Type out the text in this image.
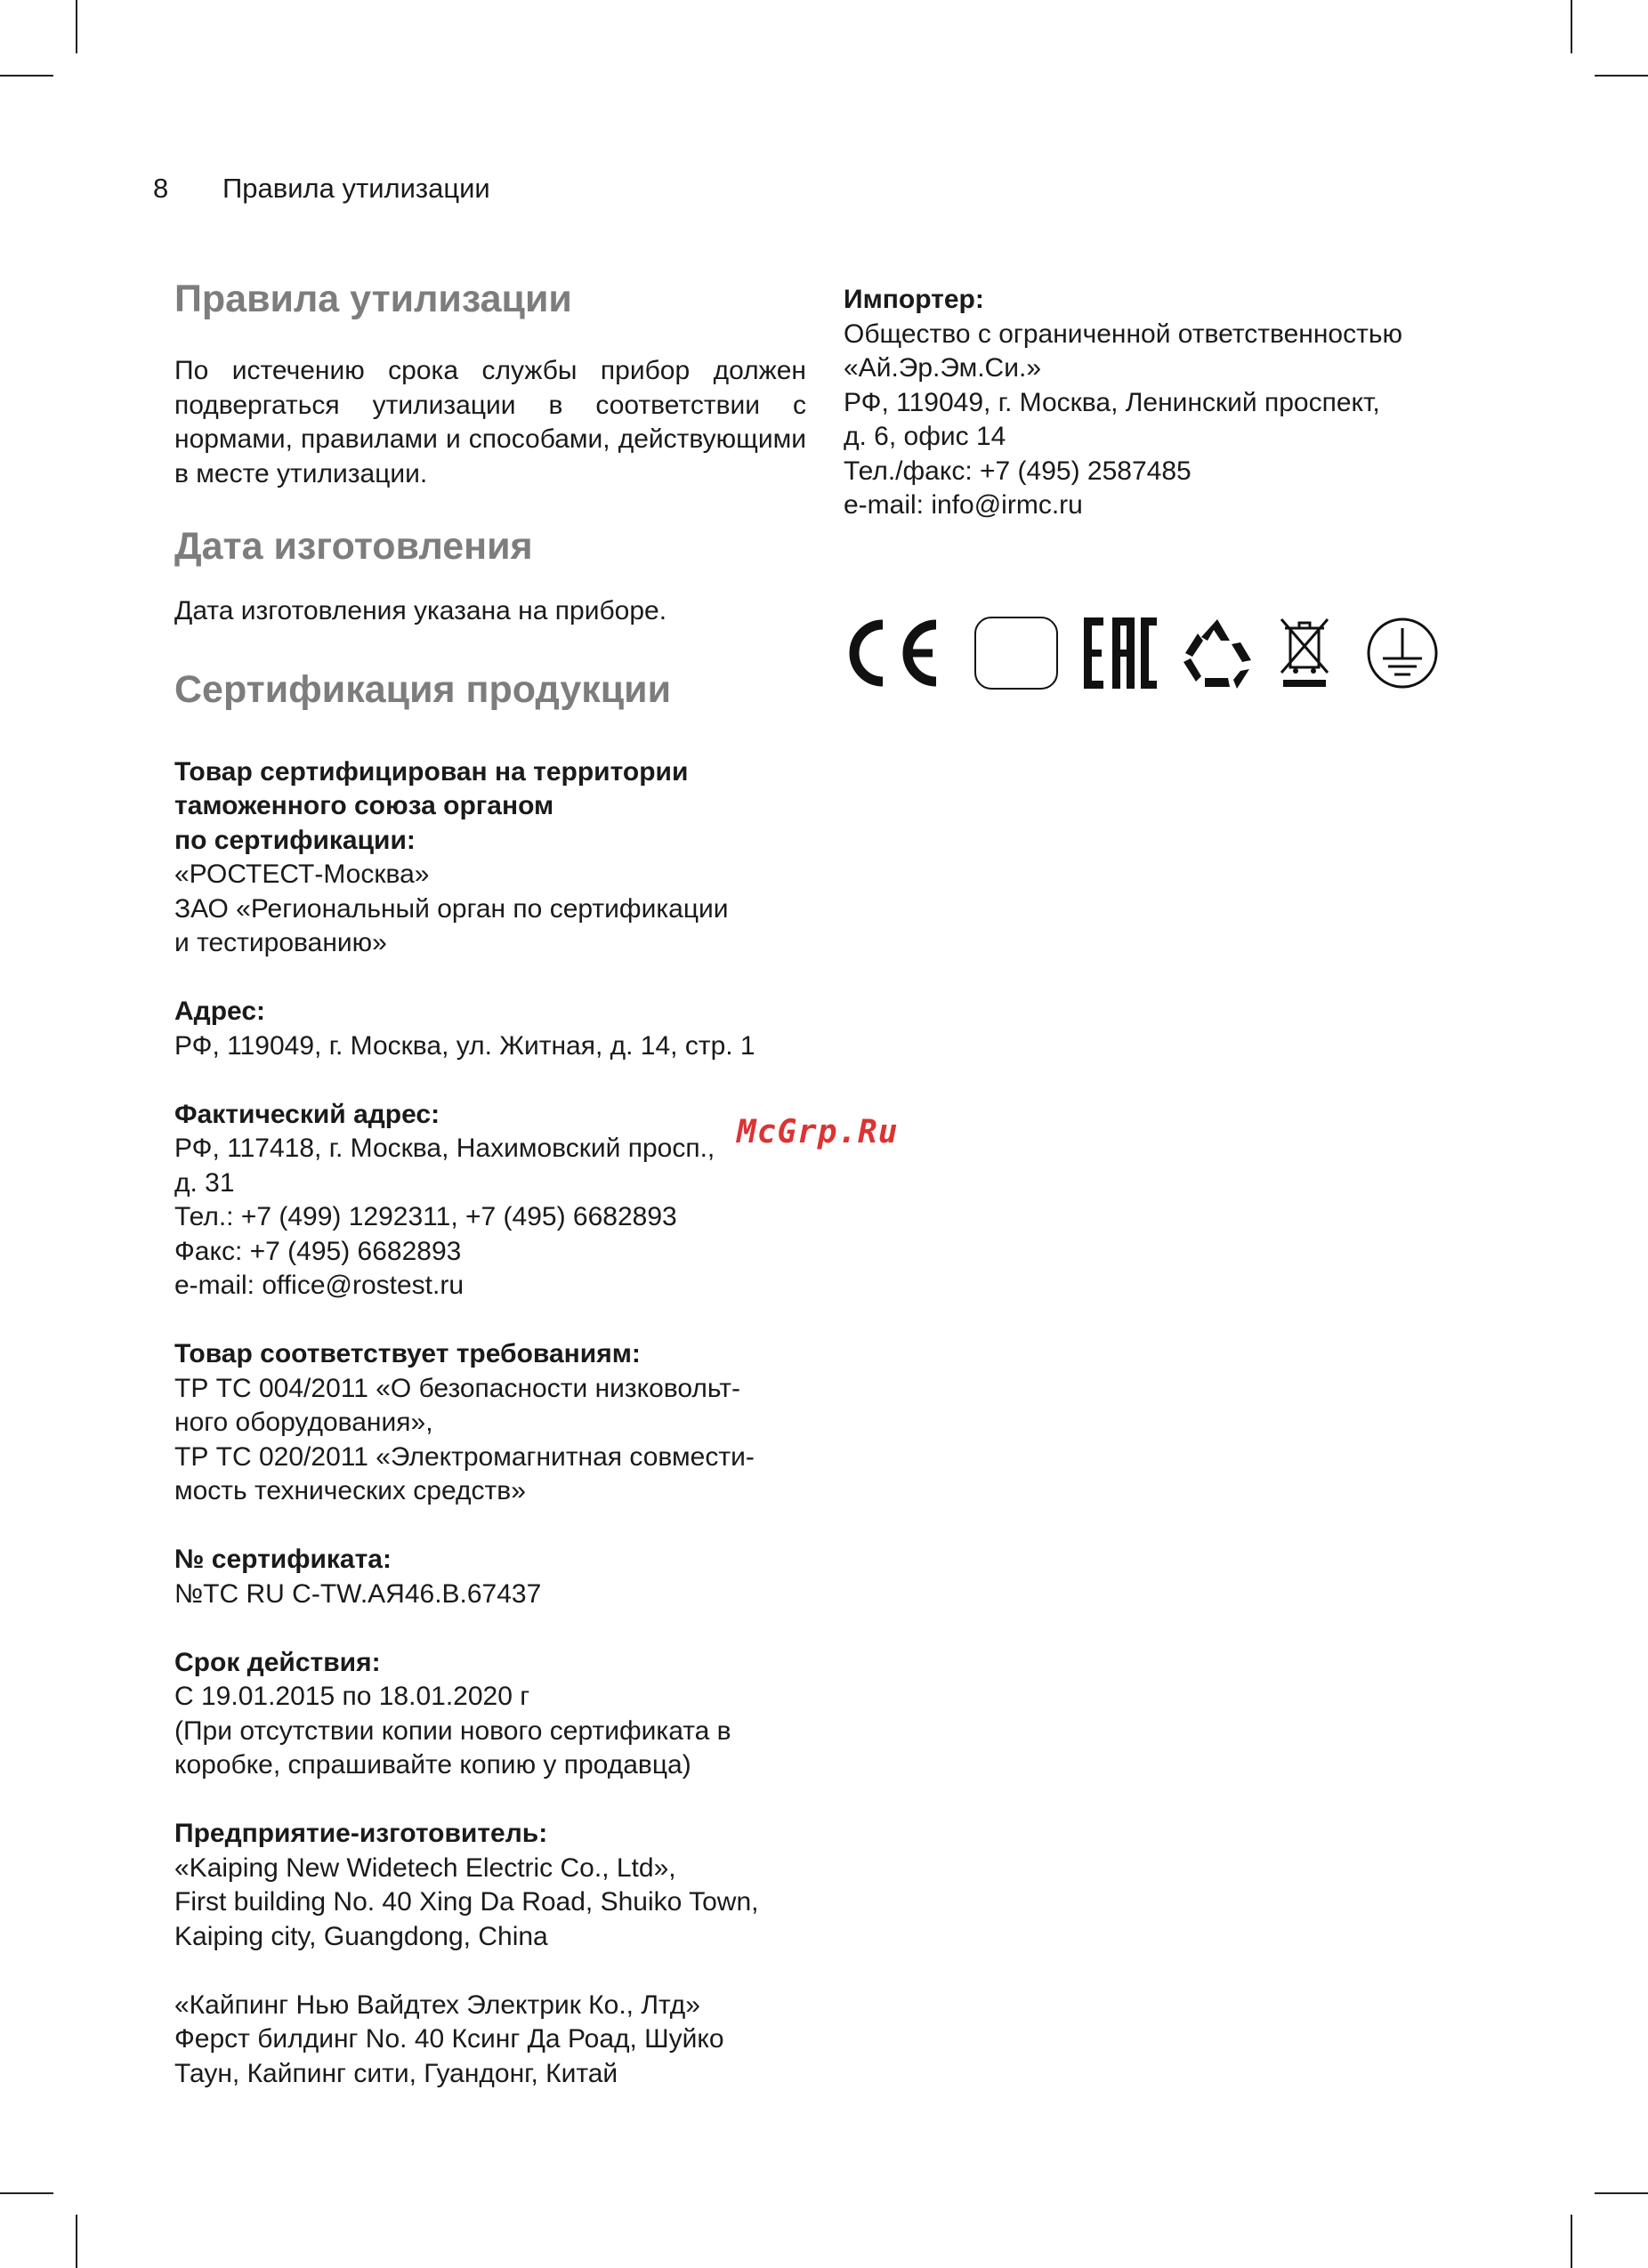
8 Правила утилизации
Правила утилизации

По истечению срока службы прибор должен подвергаться утилизации в соответствии с нормами, правилами и способами, действующими в месте утилизации.

Дата изготовления

Дата изготовления указана на приборе.

Сертификация продукции
Товар сертифицирован на территории
таможенного союза органом
по сертификации:
«РОСТЕСТ-Москва»
ЗАО «Региональный орган по сертификации
и тестированию»
Адрес:
РФ, 119049, г. Москва, ул. Житная, д. 14, стр. 1
Фактический адрес:
РФ, 117418, г. Москва, Нахимовский просп.,
д. 31
Тел.: +7 (499) 1292311, +7 (495) 6682893
Факс: +7 (495) 6682893
e-mail: office@rostest.ru
Товар соответствует требованиям:
ТР ТС 004/2011 «О безопасности низковольт-
ного оборудования»,
ТР ТС 020/2011 «Электромагнитная совмести-
мость технических средств»
№ сертификата:
№ТС RU C-TW.АЯ46.В.67437
Срок действия:
С 19.01.2015 по 18.01.2020 г
(При отсутствии копии нового сертификата в
коробке, спрашивайте копию у продавца)
Предприятие-изготовитель:
«Kaiping New Widetech Electric Co., Ltd»,
First building No. 40 Xing Da Road, Shuiko Town,
Kaiping city, Guangdong, China
«Кайпинг Нью Вайдтех Электрик Ко., Лтд»
Ферст билдинг No. 40 Ксинг Да Роад, Шуйко
Таун, Кайпинг сити, Гуандонг, Китай
Импортер:
Общество с ограниченной ответственностью
«Ай.Эр.Эм.Си.»
РФ, 119049, г. Москва, Ленинский проспект,
д. 6, офис 14
Тел./факс: +7 (495) 2587485
e-mail: info@irmc.ru
McGrp.Ru
